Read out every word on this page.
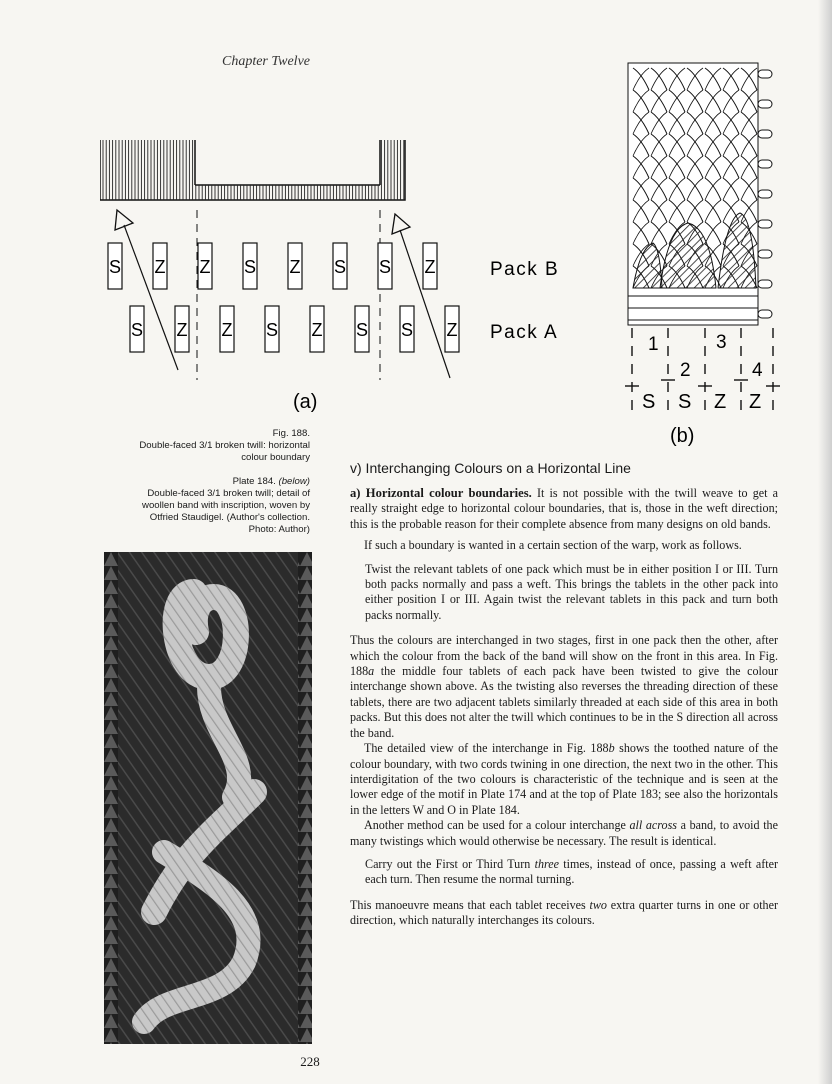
Chapter Twelve
S Z Z S Z S S Z
S Z Z S Z S S Z
Pack B
Pack A
(a)
1	3
2	4
S S Z Z
(b)
Fig. 188.
Double-faced 3/1 broken twill: horizontal
colour boundary
Plate 184. (below)
Double-faced 3/1 broken twill; detail of
woollen band with inscription, woven by
Otfried Staudigel. (Author's collection.
Photo: Author)
v) Interchanging Colours on a Horizontal Line

a) Horizontal colour boundaries. It is not possible with the twill weave to get a really straight edge to horizontal colour boundaries, that is, those in the weft direction; this is the probable reason for their complete absence from many designs on old bands.

If such a boundary is wanted in a certain section of the warp, work as follows.

Twist the relevant tablets of one pack which must be in either position I or III. Turn both packs normally and pass a weft. This brings the tablets in the other pack into either position I or III. Again twist the relevant tablets in this pack and turn both packs normally.

Thus the colours are interchanged in two stages, first in one pack then the other, after which the colour from the back of the band will show on the front in this area. In Fig. 188a the middle four tablets of each pack have been twisted to give the colour interchange shown above. As the twisting also reverses the threading direction of these tablets, there are two adjacent tablets similarly threaded at each side of this area in both packs. But this does not alter the twill which continues to be in the S direction all across the band.

The detailed view of the interchange in Fig. 188b shows the toothed nature of the colour boundary, with two cords twining in one direction, the next two in the other. This interdigitation of the two colours is characteristic of the technique and is seen at the lower edge of the motif in Plate 174 and at the top of Plate 183; see also the horizontals in the letters W and O in Plate 184.

Another method can be used for a colour interchange all across a band, to avoid the many twistings which would otherwise be necessary. The result is identical.

Carry out the First or Third Turn three times, instead of once, passing a weft after each turn. Then resume the normal turning.

This manoeuvre means that each tablet receives two extra quarter turns in one or other direction, which naturally interchanges its colours.

228
